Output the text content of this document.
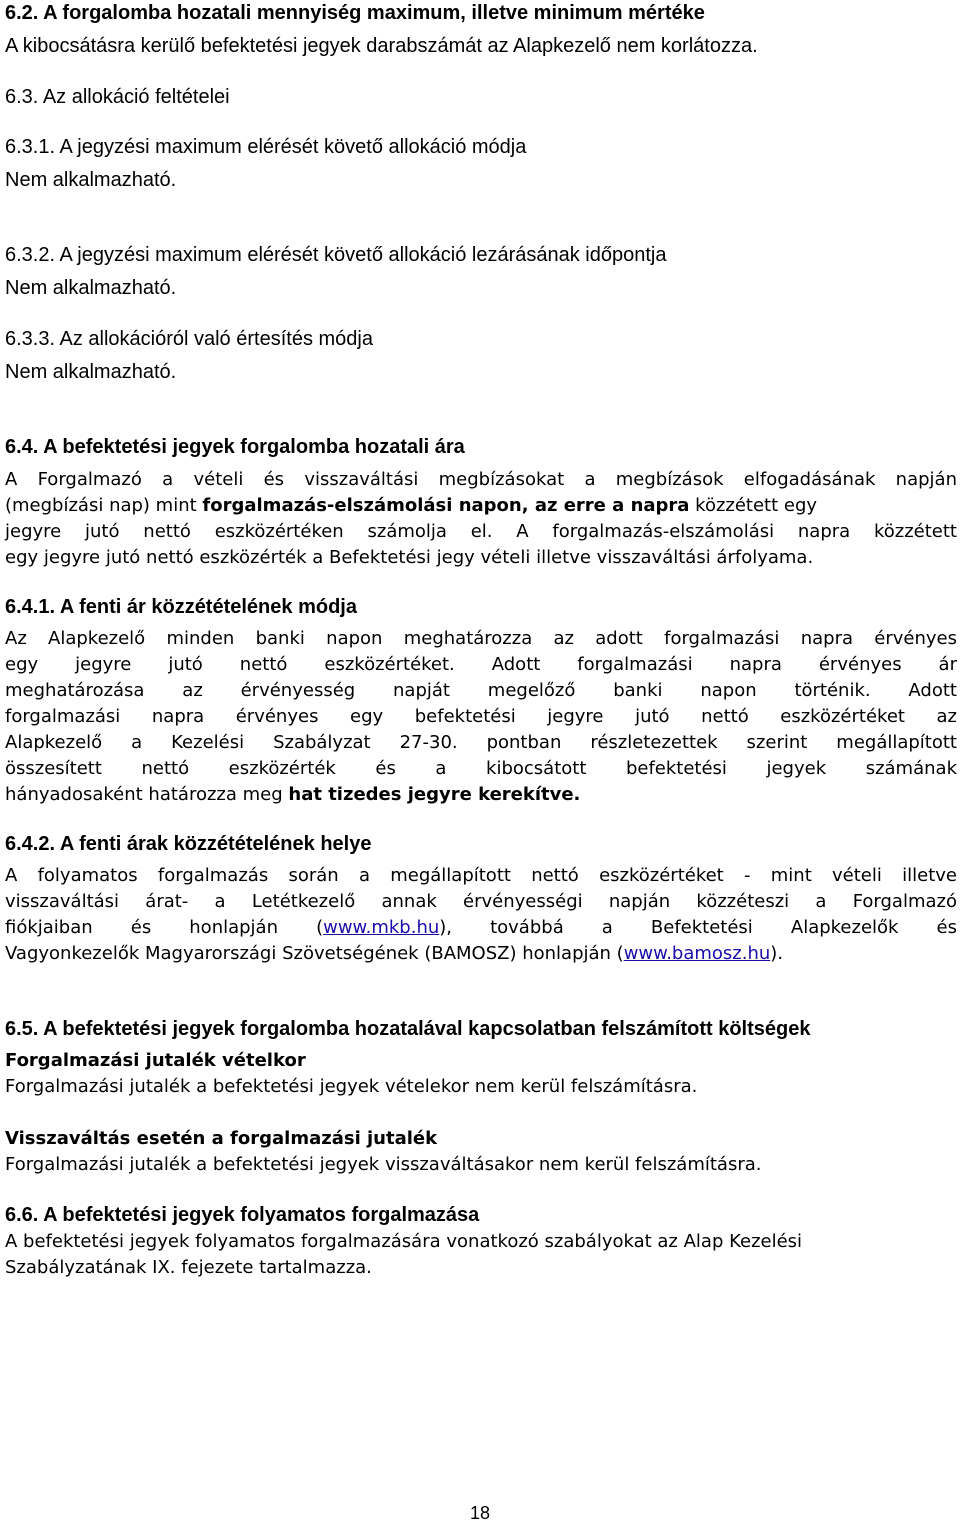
6.2. A forgalomba hozatali mennyiség maximum, illetve minimum mértéke

A kibocsátásra kerülő befektetési jegyek darabszámát az Alapkezelő nem korlátozza.

6.3. Az allokáció feltételei

6.3.1. A jegyzési maximum elérését követő allokáció módja

Nem alkalmazható.

6.3.2. A jegyzési maximum elérését követő allokáció lezárásának időpontja

Nem alkalmazható.

6.3.3. Az allokációról való értesítés módja

Nem alkalmazható.

6.4. A befektetési jegyek forgalomba hozatali ára

A Forgalmazó a vételi és visszaváltási megbízásokat a megbízások elfogadásának napján

(megbízási nap) mint forgalmazás-elszámolási napon, az erre a napra közzétett egy

jegyre jutó nettó eszközértéken számolja el. A forgalmazás-elszámolási napra közzétett

egy jegyre jutó nettó eszközérték a Befektetési jegy vételi illetve visszaváltási árfolyama.

6.4.1. A fenti ár közzétételének módja

Az Alapkezelő minden banki napon meghatározza az adott forgalmazási napra érvényes

egy jegyre jutó nettó eszközértéket. Adott forgalmazási napra érvényes ár

meghatározása az érvényesség napját megelőző banki napon történik. Adott

forgalmazási napra érvényes egy befektetési jegyre jutó nettó eszközértéket az

Alapkezelő a Kezelési Szabályzat 27-30. pontban részletezettek szerint megállapított

összesített nettó eszközérték és a kibocsátott befektetési jegyek számának

hányadosaként határozza meg hat tizedes jegyre kerekítve.

6.4.2. A fenti árak közzétételének helye

A folyamatos forgalmazás során a megállapított nettó eszközértéket - mint vételi illetve

visszaváltási árat- a Letétkezelő annak érvényességi napján közzéteszi a Forgalmazó

fiókjaiban és honlapján (www.mkb.hu), továbbá a Befektetési Alapkezelők és

Vagyonkezelők Magyarországi Szövetségének (BAMOSZ) honlapján (www.bamosz.hu).

6.5. A befektetési jegyek forgalomba hozatalával kapcsolatban felszámított költségek

Forgalmazási jutalék vételkor

Forgalmazási jutalék a befektetési jegyek vételekor nem kerül felszámításra.

Visszaváltás esetén a forgalmazási jutalék

Forgalmazási jutalék a befektetési jegyek visszaváltásakor nem kerül felszámításra.

6.6. A befektetési jegyek folyamatos forgalmazása

A befektetési jegyek folyamatos forgalmazására vonatkozó szabályokat az Alap Kezelési

Szabályzatának IX. fejezete tartalmazza.

18
